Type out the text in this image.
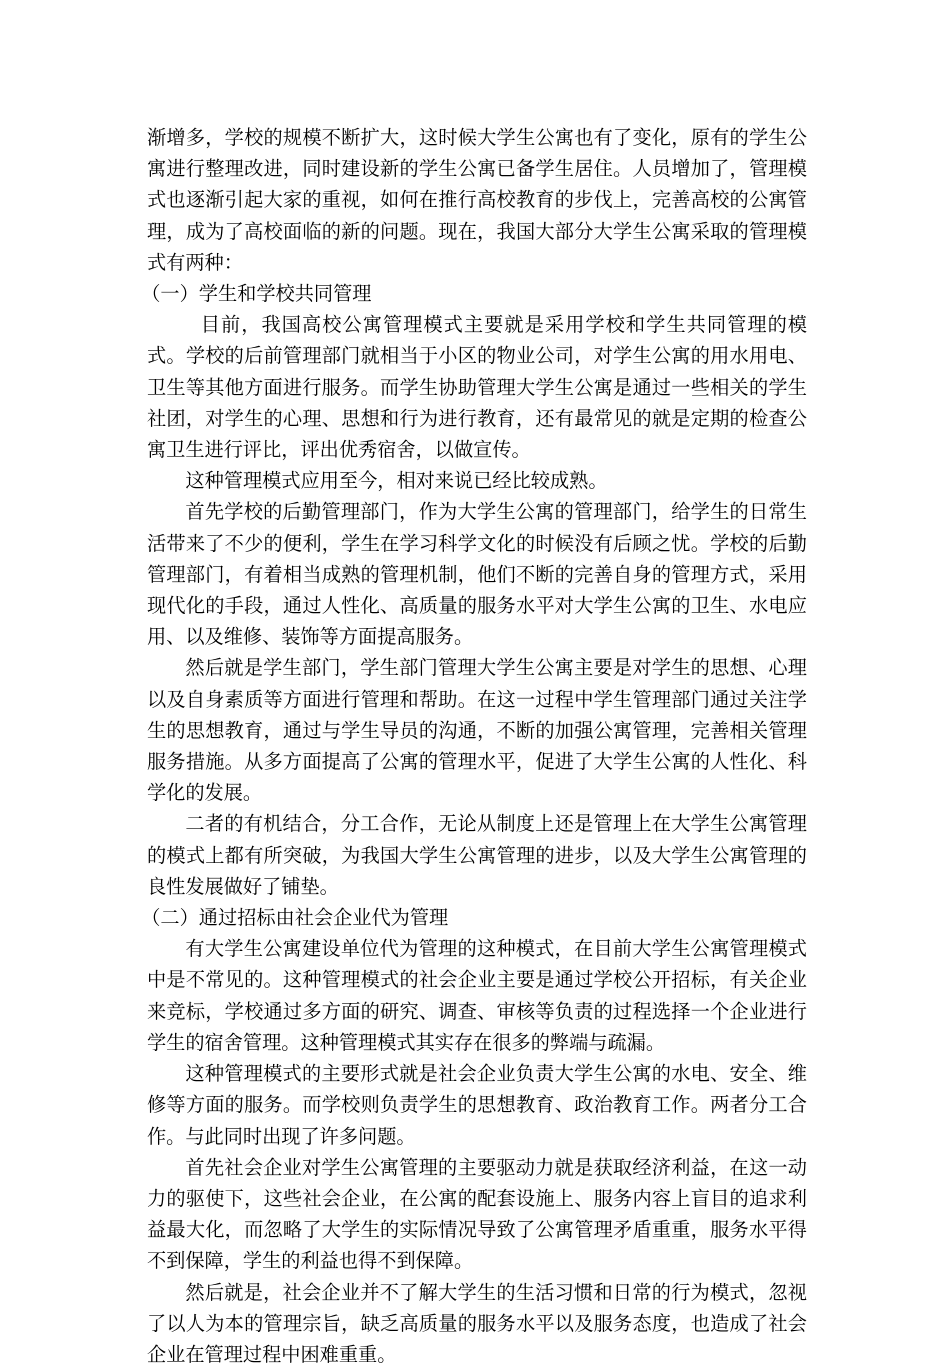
渐增多，学校的规模不断扩大，这时候大学生公寓也有了变化，原有的学生公寓进行整理改进，同时建设新的学生公寓已备学生居住。人员增加了，管理模式也逐渐引起大家的重视，如何在推行高校教育的步伐上，完善高校的公寓管理，成为了高校面临的新的问题。现在，我国大部分大学生公寓采取的管理模式有两种：

（一）学生和学校共同管理

目前，我国高校公寓管理模式主要就是采用学校和学生共同管理的模式。学校的后前管理部门就相当于小区的物业公司，对学生公寓的用水用电、卫生等其他方面进行服务。而学生协助管理大学生公寓是通过一些相关的学生社团，对学生的心理、思想和行为进行教育，还有最常见的就是定期的检查公寓卫生进行评比，评出优秀宿舍，以做宣传。

这种管理模式应用至今，相对来说已经比较成熟。

首先学校的后勤管理部门，作为大学生公寓的管理部门，给学生的日常生活带来了不少的便利，学生在学习科学文化的时候没有后顾之忧。学校的后勤管理部门，有着相当成熟的管理机制，他们不断的完善自身的管理方式，采用现代化的手段，通过人性化、高质量的服务水平对大学生公寓的卫生、水电应用、以及维修、装饰等方面提高服务。

然后就是学生部门，学生部门管理大学生公寓主要是对学生的思想、心理以及自身素质等方面进行管理和帮助。在这一过程中学生管理部门通过关注学生的思想教育，通过与学生导员的沟通，不断的加强公寓管理，完善相关管理服务措施。从多方面提高了公寓的管理水平，促进了大学生公寓的人性化、科学化的发展。

二者的有机结合，分工合作，无论从制度上还是管理上在大学生公寓管理的模式上都有所突破，为我国大学生公寓管理的进步，以及大学生公寓管理的良性发展做好了铺垫。

（二）通过招标由社会企业代为管理

有大学生公寓建设单位代为管理的这种模式，在目前大学生公寓管理模式中是不常见的。这种管理模式的社会企业主要是通过学校公开招标，有关企业来竞标，学校通过多方面的研究、调查、审核等负责的过程选择一个企业进行学生的宿舍管理。这种管理模式其实存在很多的弊端与疏漏。

这种管理模式的主要形式就是社会企业负责大学生公寓的水电、安全、维修等方面的服务。而学校则负责学生的思想教育、政治教育工作。两者分工合作。与此同时出现了许多问题。

首先社会企业对学生公寓管理的主要驱动力就是获取经济利益，在这一动力的驱使下，这些社会企业，在公寓的配套设施上、服务内容上盲目的追求利益最大化，而忽略了大学生的实际情况导致了公寓管理矛盾重重，服务水平得不到保障，学生的利益也得不到保障。

然后就是，社会企业并不了解大学生的生活习惯和日常的行为模式，忽视了以人为本的管理宗旨，缺乏高质量的服务水平以及服务态度，也造成了社会企业在管理过程中困难重重。
